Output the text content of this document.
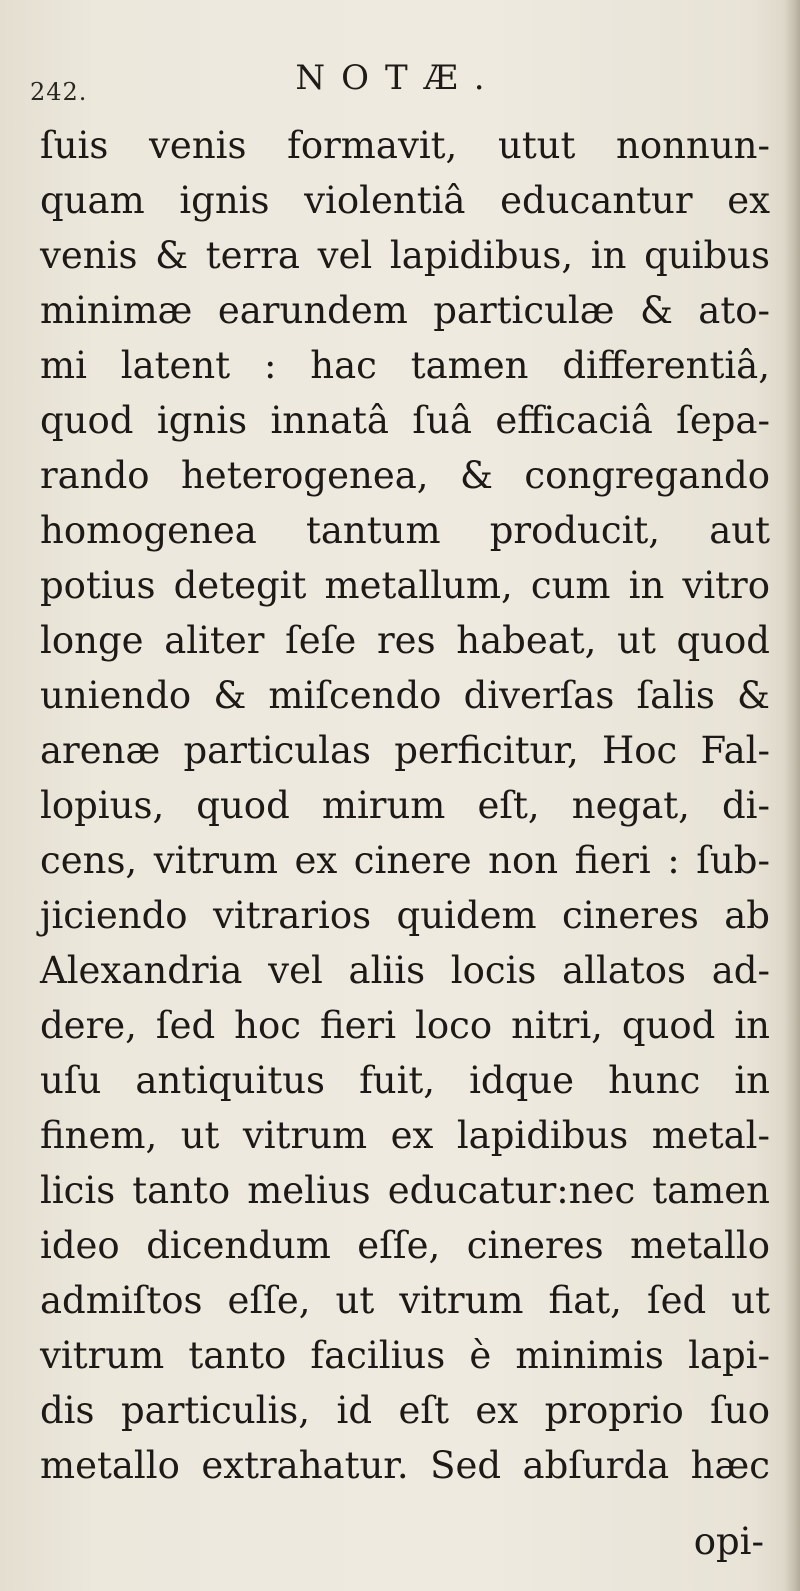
242.	NOTÆ.
ſuis venis formavit, utut nonnun-
quam ignis violentiâ educantur ex
venis & terra vel lapidibus, in quibus
minimæ earundem particulæ & ato-
mi latent : hac tamen differentiâ,
quod ignis innatâ ſuâ efficaciâ ſepa-
rando heterogenea, & congregando
homogenea tantum producit, aut
potius detegit metallum, cum in vitro
longe aliter ſeſe res habeat, ut quod
uniendo & miſcendo diverſas ſalis &
arenæ particulas perficitur, Hoc Fal-
lopius, quod mirum eſt, negat, di-
cens, vitrum ex cinere non fieri : ſub-
jiciendo vitrarios quidem cineres ab
Alexandria vel aliis locis allatos ad-
dere, ſed hoc fieri loco nitri, quod in
uſu antiquitus fuit, idque hunc in
finem, ut vitrum ex lapidibus metal-
licis tanto melius educatur:nec tamen
ideo dicendum eſſe, cineres metallo
admiſtos eſſe, ut vitrum fiat, ſed ut
vitrum tanto facilius è minimis lapi-
dis particulis, id eſt ex proprio ſuo
metallo extrahatur. Sed abſurda hæc
opi-
